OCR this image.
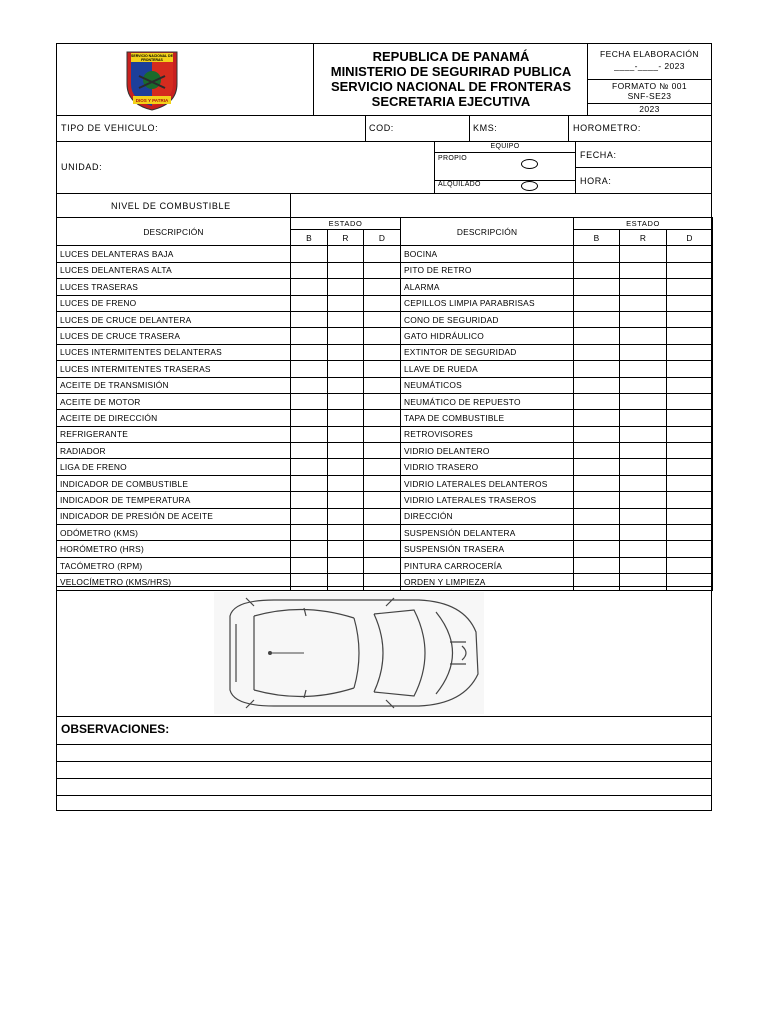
SERVICIO NACIONAL DE FRONTERAS
DIOS Y PATRIA
REPUBLICA DE PANAMÁ
MINISTERIO DE SEGURIRAD PUBLICA
SERVICIO NACIONAL DE FRONTERAS
SECRETARIA EJECUTIVA
FECHA ELABORACIÓN
____-____- 2023
FORMATO № 001
SNF-SE23
2023
TIPO DE VEHICULO:	COD:	KMS:	HOROMETRO:
UNIDAD:
EQUIPO
PROPIO
ALQUILADO
FECHA:
HORA:
NIVEL DE COMBUSTIBLE
DESCRIPCIÓN	ESTADO			DESCRIPCIÓN	ESTADO		
	B	R	D		B	R	D
LUCES DELANTERAS BAJA				BOCINA			
LUCES DELANTERAS ALTA				PITO DE RETRO			
LUCES TRASERAS				ALARMA			
LUCES DE FRENO				CEPILLOS LIMPIA PARABRISAS			
LUCES DE CRUCE DELANTERA				CONO DE SEGURIDAD			
LUCES DE CRUCE TRASERA				GATO HIDRÁULICO			
LUCES INTERMITENTES DELANTERAS				EXTINTOR DE SEGURIDAD			
LUCES INTERMITENTES TRASERAS				LLAVE DE RUEDA			
ACEITE DE TRANSMISIÓN				NEUMÁTICOS			
ACEITE DE MOTOR				NEUMÁTICO DE REPUESTO			
ACEITE DE DIRECCIÓN				TAPA DE COMBUSTIBLE			
REFRIGERANTE				RETROVISORES			
RADIADOR				VIDRIO DELANTERO			
LIGA DE FRENO				VIDRIO TRASERO			
INDICADOR DE COMBUSTIBLE				VIDRIO LATERALES DELANTEROS			
INDICADOR DE TEMPERATURA				VIDRIO LATERALES TRASEROS			
INDICADOR DE PRESIÓN DE ACEITE				DIRECCIÓN			
ODÓMETRO (KMS)				SUSPENSIÓN DELANTERA			
HORÓMETRO (HRS)				SUSPENSIÓN TRASERA			
TACÓMETRO (RPM)				PINTURA CARROCERÍA			
VELOCÍMETRO (KMS/HRS)				ORDEN Y LIMPIEZA			
OBSERVACIONES:
